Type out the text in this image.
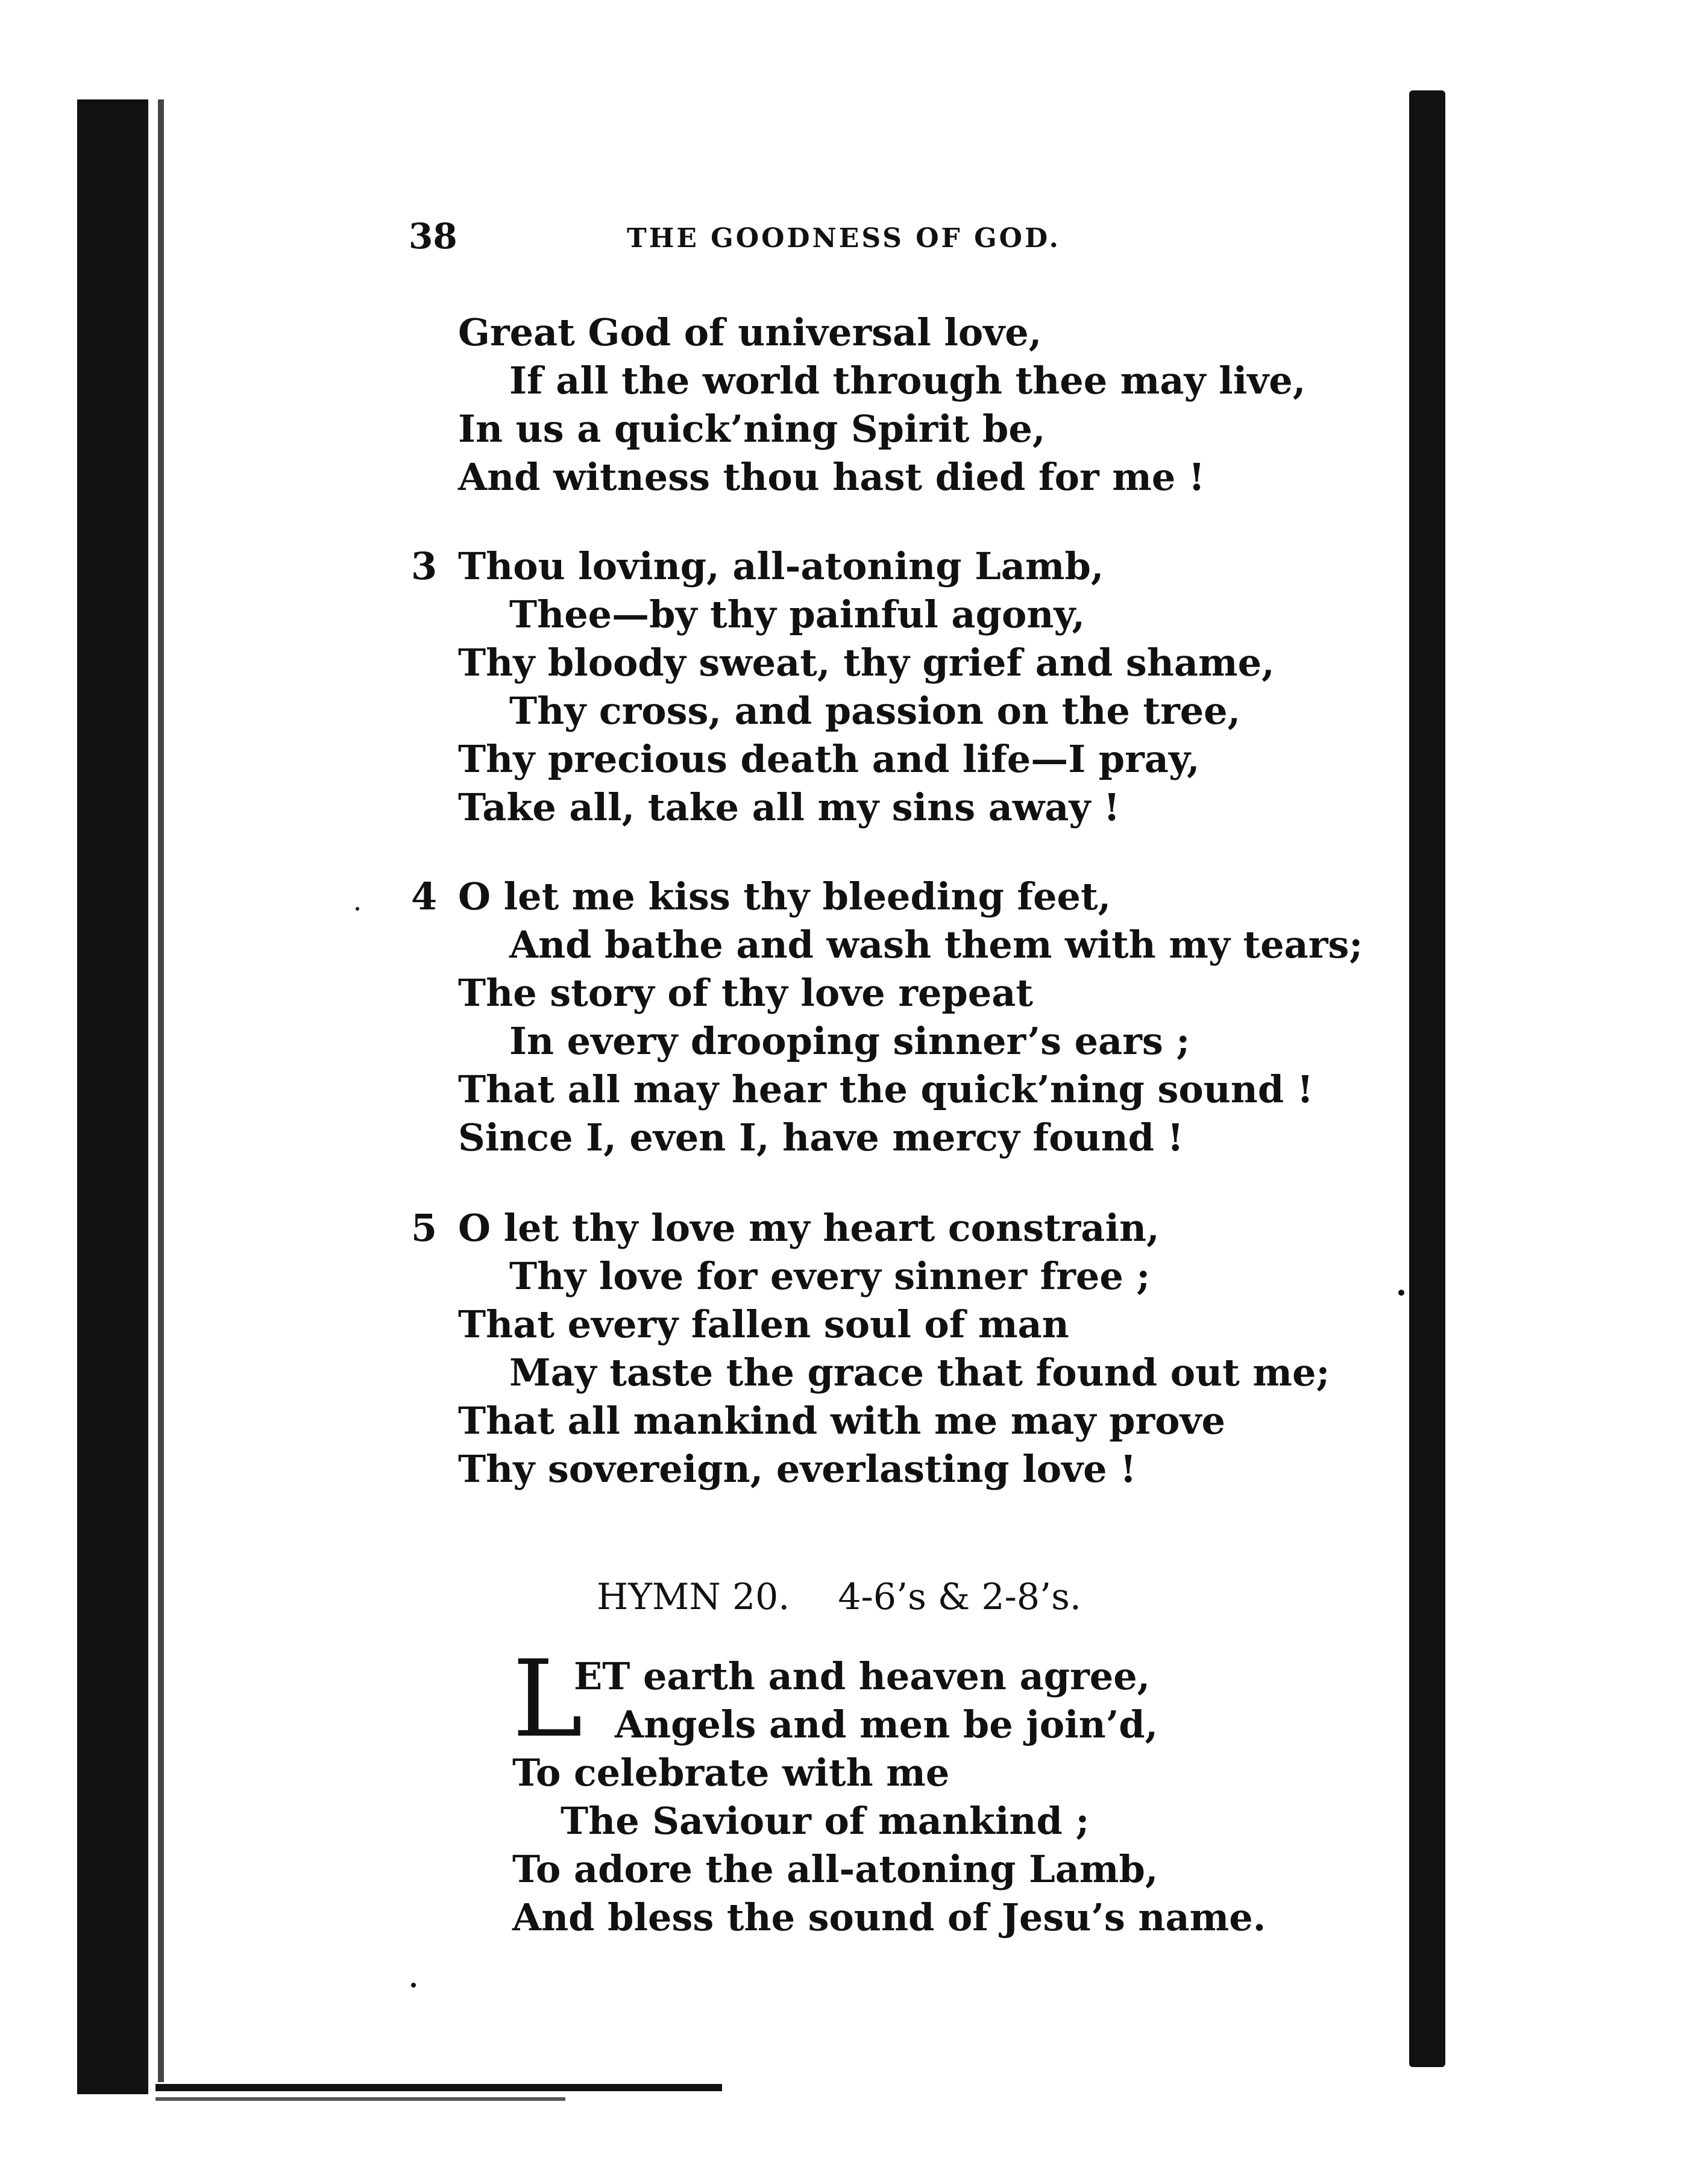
38	THE GOODNESS OF GOD.
Great God of universal love,
If all the world through thee may live,
In us a quick’ning Spirit be,
And witness thou hast died for me !
3 Thou loving, all-atoning Lamb,
Thee—by thy painful agony,
Thy bloody sweat, thy grief and shame,
Thy cross, and passion on the tree,
Thy precious death and life—I pray,
Take all, take all my sins away !
4 O let me kiss thy bleeding feet,
And bathe and wash them with my tears;
The story of thy love repeat
In every drooping sinner’s ears ;
That all may hear the quick’ning sound !
Since I, even I, have mercy found !
5 O let thy love my heart constrain,
Thy love for every sinner free ;
That every fallen soul of man
May taste the grace that found out me;
That all mankind with me may prove
Thy sovereign, everlasting love !
HYMN 20. 4-6’s & 2-8’s.
L
ET earth and heaven agree,
Angels and men be join’d,
To celebrate with me
The Saviour of mankind ;
To adore the all-atoning Lamb,
And bless the sound of Jesu’s name.
